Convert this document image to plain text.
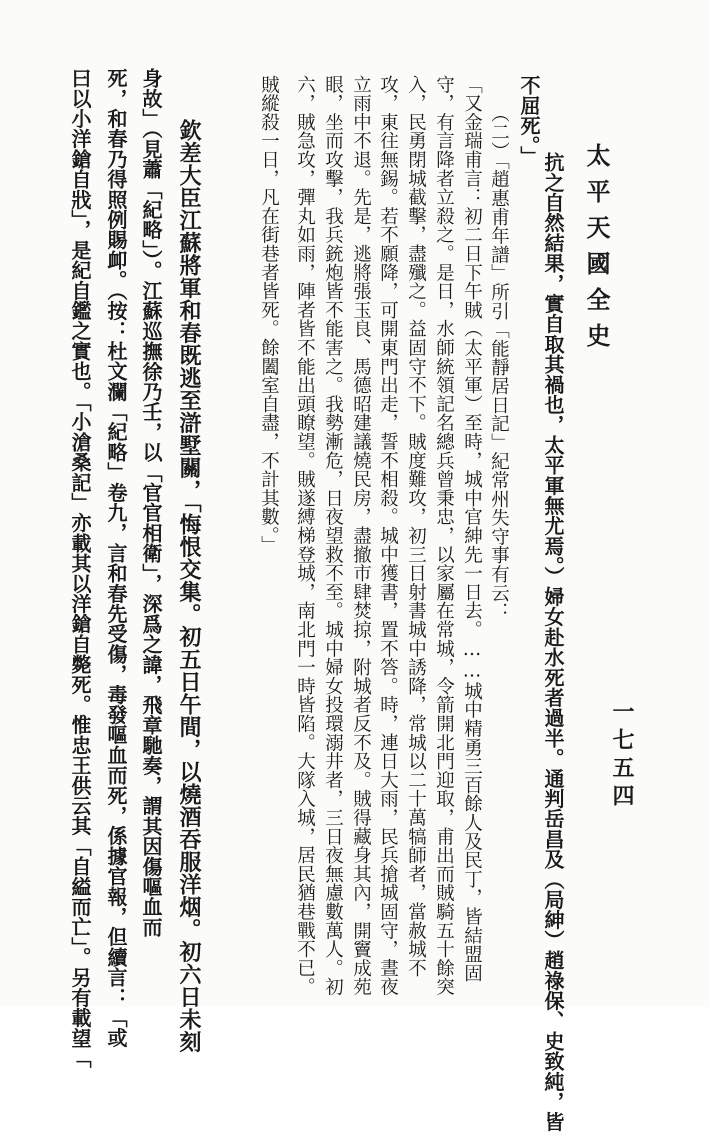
太平天國全史
一七五四
抗之自然結果，實自取其禍也，太平軍無尤焉。）婦女赴水死者過半。通判岳昌及（局紳）趙祿保、史致純，皆
不屈死。」
（二）「趙惠甫年譜」所引「能靜居日記」紀常州失守事有云：
「又金瑞甫言：初二日下午賊（太平軍）至時，城中官紳先一日去。……城中精勇三百餘人及民丁，皆結盟固
守，有言降者立殺之。是日，水師統領記名總兵曾秉忠，以家屬在常城，令箭開北門迎取，甫出而賊騎五十餘突
入，民勇閉城截擊，盡殲之。益固守不下。賊度難攻，初三日射書城中誘降，常城以二十萬犒師者，當赦城不
攻，東往無錫。若不願降，可開東門出走，誓不相殺。城中獲書，置不答。時，連日大雨，民兵搶城固守，晝夜
立雨中不退。先是，逃將張玉良、馬德昭建議燒民房，盡撤市肆焚掠，附城者反不及。賊得藏身其內，開竇成苑
眼，坐而攻擊，我兵銃炮皆不能害之。我勢漸危，日夜望救不至。城中婦女投環溺井者，三日夜無慮數萬人。初
六，賊急攻，彈丸如雨，陣者皆不能出頭瞭望。賊遂縛梯登城，南北門一時皆陷。大隊入城，居民猶巷戰不已。
賊縱殺一日，凡在街巷者皆死。餘闔室自盡，不計其數。」
欽差大臣江蘇將軍和春既逃至滸墅關，「悔恨交集。初五日午間，以燒酒吞服洋烟。初六日未刻
身故」（見蕭「紀略」）。江蘇巡撫徐乃壬，以「官官相衛」，深爲之諱，飛章馳奏，謂其因傷嘔血而
死，和春乃得照例賜卹。（按：杜文瀾「紀略」卷九，言和春先受傷，毒發嘔血而死，係據官報，但續言：「或
曰以小洋鎗自戕」，是紀自鑑之實也。「小滄桑記」亦載其以洋鎗自斃死。惟忠王供云其「自縊而亡」。另有載望「
